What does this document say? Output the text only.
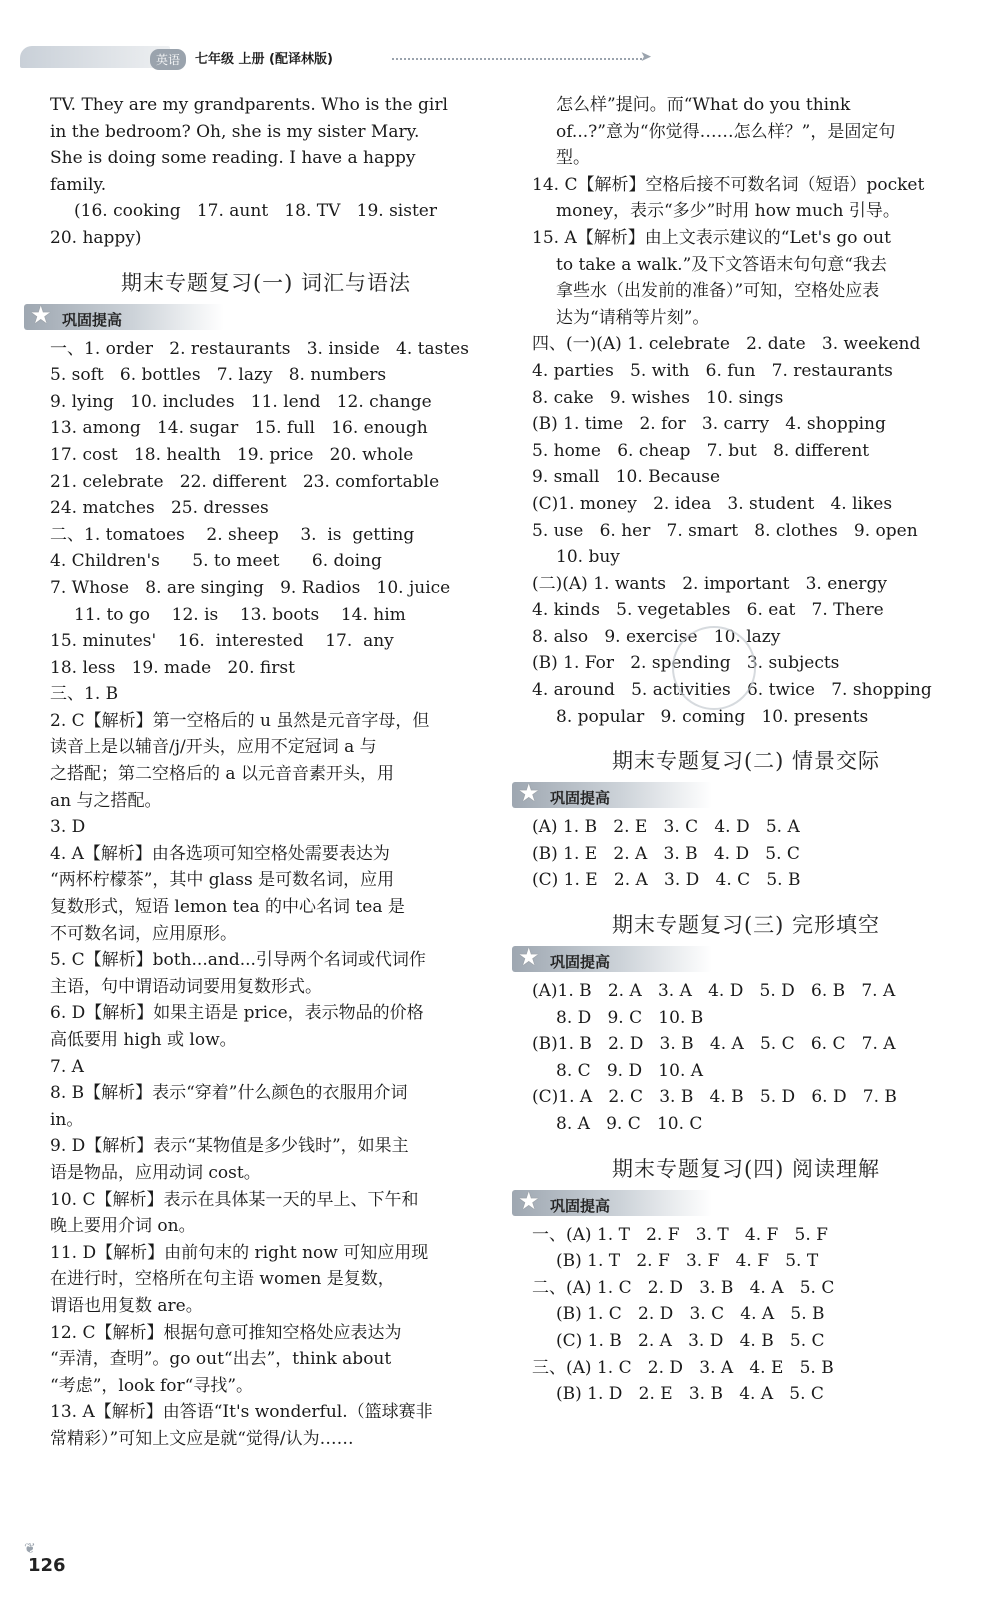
英语	七年级 上册 (配译林版)	➤
TV. They are my grandparents. Who is the girl
in the bedroom? Oh, she is my sister Mary.
She is doing some reading. I have a happy
family.
(16. cooking   17. aunt   18. TV   19. sister
20. happy)
期末专题复习(一) 词汇与语法
★ 巩固提高
一、1. order   2. restaurants   3. inside   4. tastes
5. soft   6. bottles   7. lazy   8. numbers
9. lying   10. includes   11. lend   12. change
13. among   14. sugar   15. full   16. enough
17. cost   18. health   19. price   20. whole
21. celebrate   22. different   23. comfortable
24. matches   25. dresses
二、1. tomatoes    2. sheep    3.  is  getting
4. Children's      5. to meet      6. doing
7. Whose   8. are singing   9. Radios   10. juice
11. to go    12. is    13. boots    14. him
15. minutes'    16.  interested    17.  any
18. less   19. made   20. first
三、1. B
2. C【解析】第一空格后的 u 虽然是元音字母，但
读音上是以辅音/j/开头，应用不定冠词 a 与
之搭配；第二空格后的 a 以元音音素开头，用
an 与之搭配。
3. D
4. A【解析】由各选项可知空格处需要表达为
“两杯柠檬茶”，其中 glass 是可数名词，应用
复数形式，短语 lemon tea 的中心名词 tea 是
不可数名词，应用原形。
5. C【解析】both...and...引导两个名词或代词作
主语，句中谓语动词要用复数形式。
6. D【解析】如果主语是 price，表示物品的价格
高低要用 high 或 low。
7. A
8. B【解析】表示“穿着”什么颜色的衣服用介词
in。
9. D【解析】表示“某物值是多少钱时”，如果主
语是物品，应用动词 cost。
10. C【解析】表示在具体某一天的早上、下午和
晚上要用介词 on。
11. D【解析】由前句末的 right now 可知应用现
在进行时，空格所在句主语 women 是复数，
谓语也用复数 are。
12. C【解析】根据句意可推知空格处应表达为
“弄清，查明”。go out“出去”，think about
“考虑”，look for“寻找”。
13. A【解析】由答语“It's wonderful.（篮球赛非
常精彩）”可知上文应是就“觉得/认为……
怎么样”提问。而“What do you think
of...?”意为“你觉得……怎么样？”，是固定句
型。
14. C【解析】空格后接不可数名词（短语）pocket
money，表示“多少”时用 how much 引导。
15. A【解析】由上文表示建议的“Let's go out
to take a walk.”及下文答语末句句意“我去
拿些水（出发前的准备）”可知，空格处应表
达为“请稍等片刻”。
四、(一)(A) 1. celebrate   2. date   3. weekend
4. parties   5. with   6. fun   7. restaurants
8. cake   9. wishes   10. sings
(B) 1. time   2. for   3. carry   4. shopping
5. home   6. cheap   7. but   8. different
9. small   10. Because
(C)1. money   2. idea   3. student   4. likes
5. use   6. her   7. smart   8. clothes   9. open
10. buy
(二)(A) 1. wants   2. important   3. energy
4. kinds   5. vegetables   6. eat   7. There
8. also   9. exercise   10. lazy
(B) 1. For   2. spending   3. subjects
4. around   5. activities   6. twice   7. shopping
8. popular   9. coming   10. presents
期末专题复习(二) 情景交际
★ 巩固提高
(A) 1. B   2. E   3. C   4. D   5. A
(B) 1. E   2. A   3. B   4. D   5. C
(C) 1. E   2. A   3. D   4. C   5. B
期末专题复习(三) 完形填空
★ 巩固提高
(A)1. B   2. A   3. A   4. D   5. D   6. B   7. A
8. D   9. C   10. B
(B)1. B   2. D   3. B   4. A   5. C   6. C   7. A
8. C   9. D   10. A
(C)1. A   2. C   3. B   4. B   5. D   6. D   7. B
8. A   9. C   10. C
期末专题复习(四) 阅读理解
★ 巩固提高
一、(A) 1. T   2. F   3. T   4. F   5. F
(B) 1. T   2. F   3. F   4. F   5. T
二、(A) 1. C   2. D   3. B   4. A   5. C
(B) 1. C   2. D   3. C   4. A   5. B
(C) 1. B   2. A   3. D   4. B   5. C
三、(A) 1. C   2. D   3. A   4. E   5. B
(B) 1. D   2. E   3. B   4. A   5. C
❦
126
